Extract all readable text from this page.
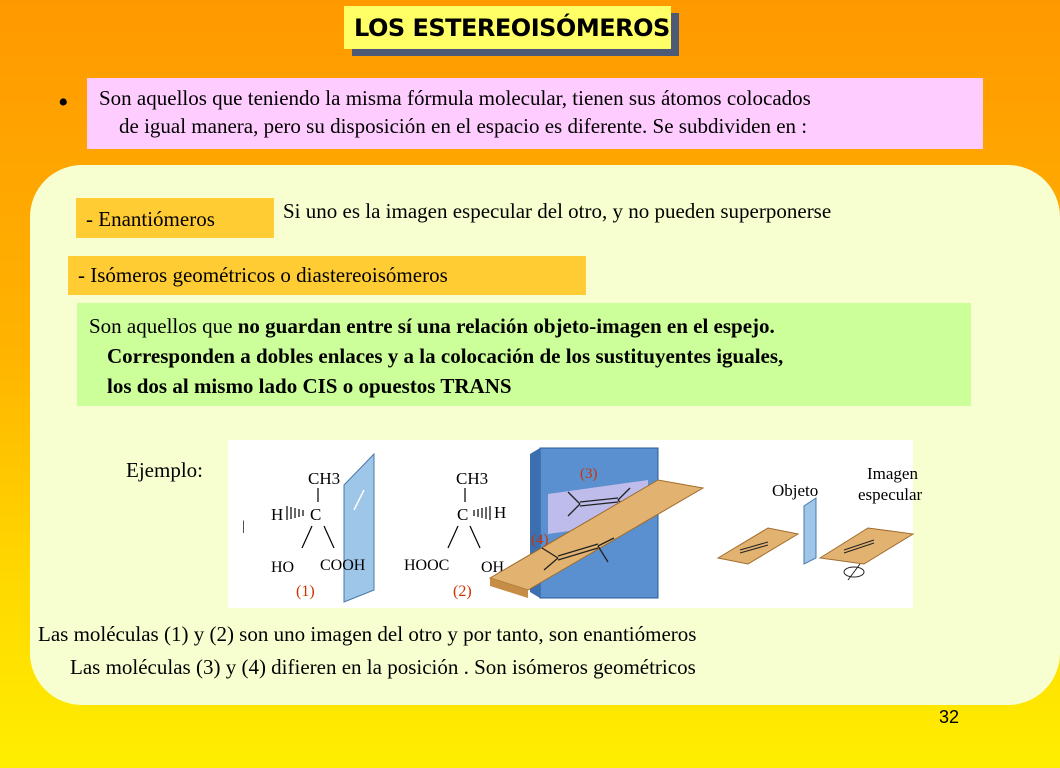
LOS ESTEREOISÓMEROS
•	Son aquellos que teniendo la misma fórmula molecular, tienen sus átomos colocados
de igual manera, pero su disposición en el espacio es diferente. Se subdividen en :
- Enantiómeros	Si uno es la imagen especular del otro, y no pueden superponerse
- Isómeros geométricos o diastereoisómeros
Son aquellos que no guardan entre sí una relación objeto-imagen en el espejo.
Corresponden a dobles enlaces y a la colocación de los sustituyentes iguales,
los dos al mismo lado CIS o opuestos TRANS
Ejemplo:	CH3
H C
HO COOH
(1)
|
CH3
C H
HOOC OH
(2)
(3)
(4)
Objeto
Imagen
especular
Las moléculas (1) y (2) son uno imagen del otro y por tanto, son enantiómeros
Las moléculas (3) y (4) difieren en la posición . Son isómeros geométricos
32
